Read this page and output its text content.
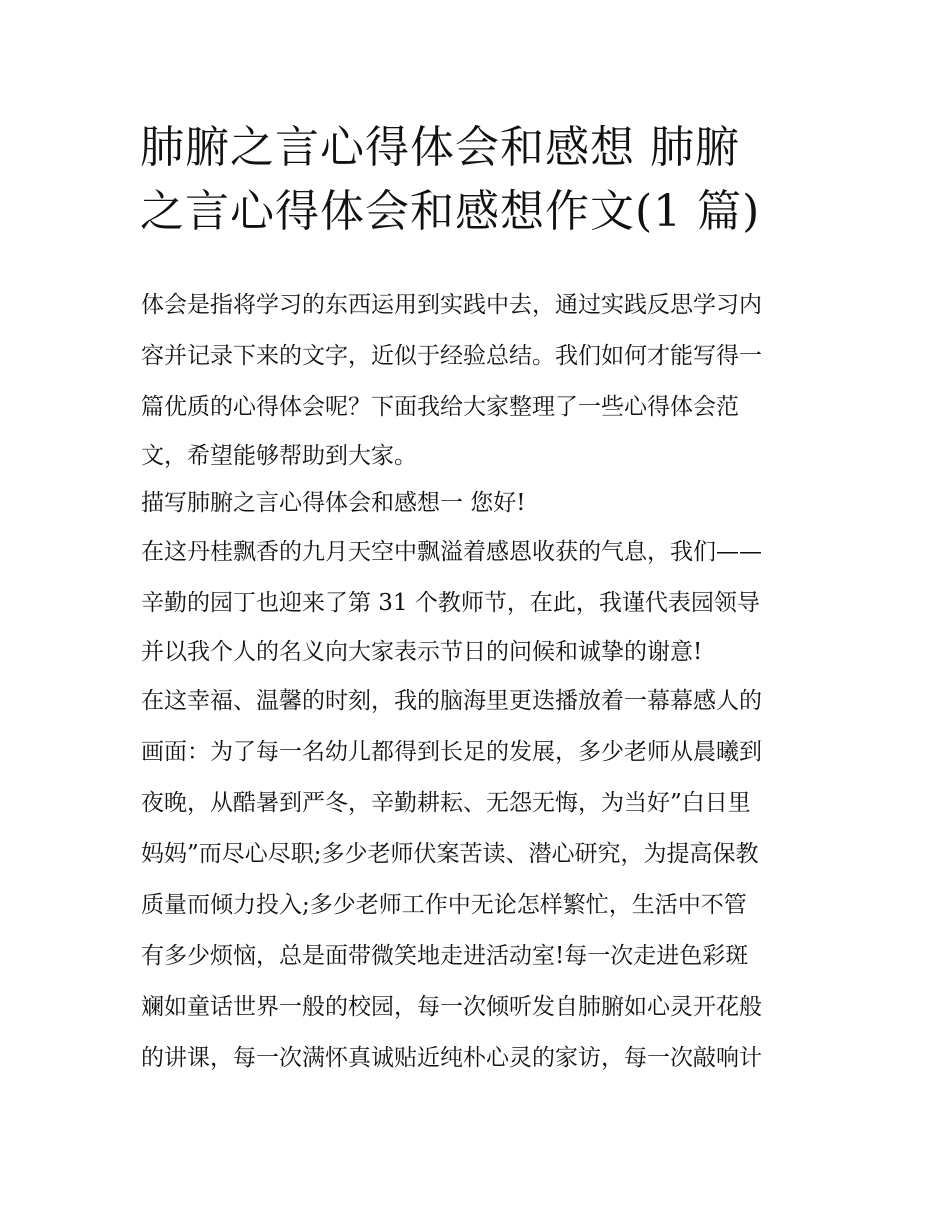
肺腑之言心得体会和感想 肺腑
之言心得体会和感想作文(1 篇)
体会是指将学习的东西运用到实践中去，通过实践反思学习内
容并记录下来的文字，近似于经验总结。我们如何才能写得一
篇优质的心得体会呢？下面我给大家整理了一些心得体会范
文，希望能够帮助到大家。
描写肺腑之言心得体会和感想一 您好!
在这丹桂飘香的九月天空中飘溢着感恩收获的气息，我们——
辛勤的园丁也迎来了第 31 个教师节，在此，我谨代表园领导
并以我个人的名义向大家表示节日的问候和诚挚的谢意!
在这幸福、温馨的时刻，我的脑海里更迭播放着一幕幕感人的
画面：为了每一名幼儿都得到长足的发展，多少老师从晨曦到
夜晚，从酷暑到严冬，辛勤耕耘、无怨无悔，为当好”白日里
妈妈”而尽心尽职;多少老师伏案苦读、潜心研究，为提高保教
质量而倾力投入;多少老师工作中无论怎样繁忙，生活中不管
有多少烦恼，总是面带微笑地走进活动室!每一次走进色彩斑
斓如童话世界一般的校园，每一次倾听发自肺腑如心灵开花般
的讲课，每一次满怀真诚贴近纯朴心灵的家访，每一次敲响计
